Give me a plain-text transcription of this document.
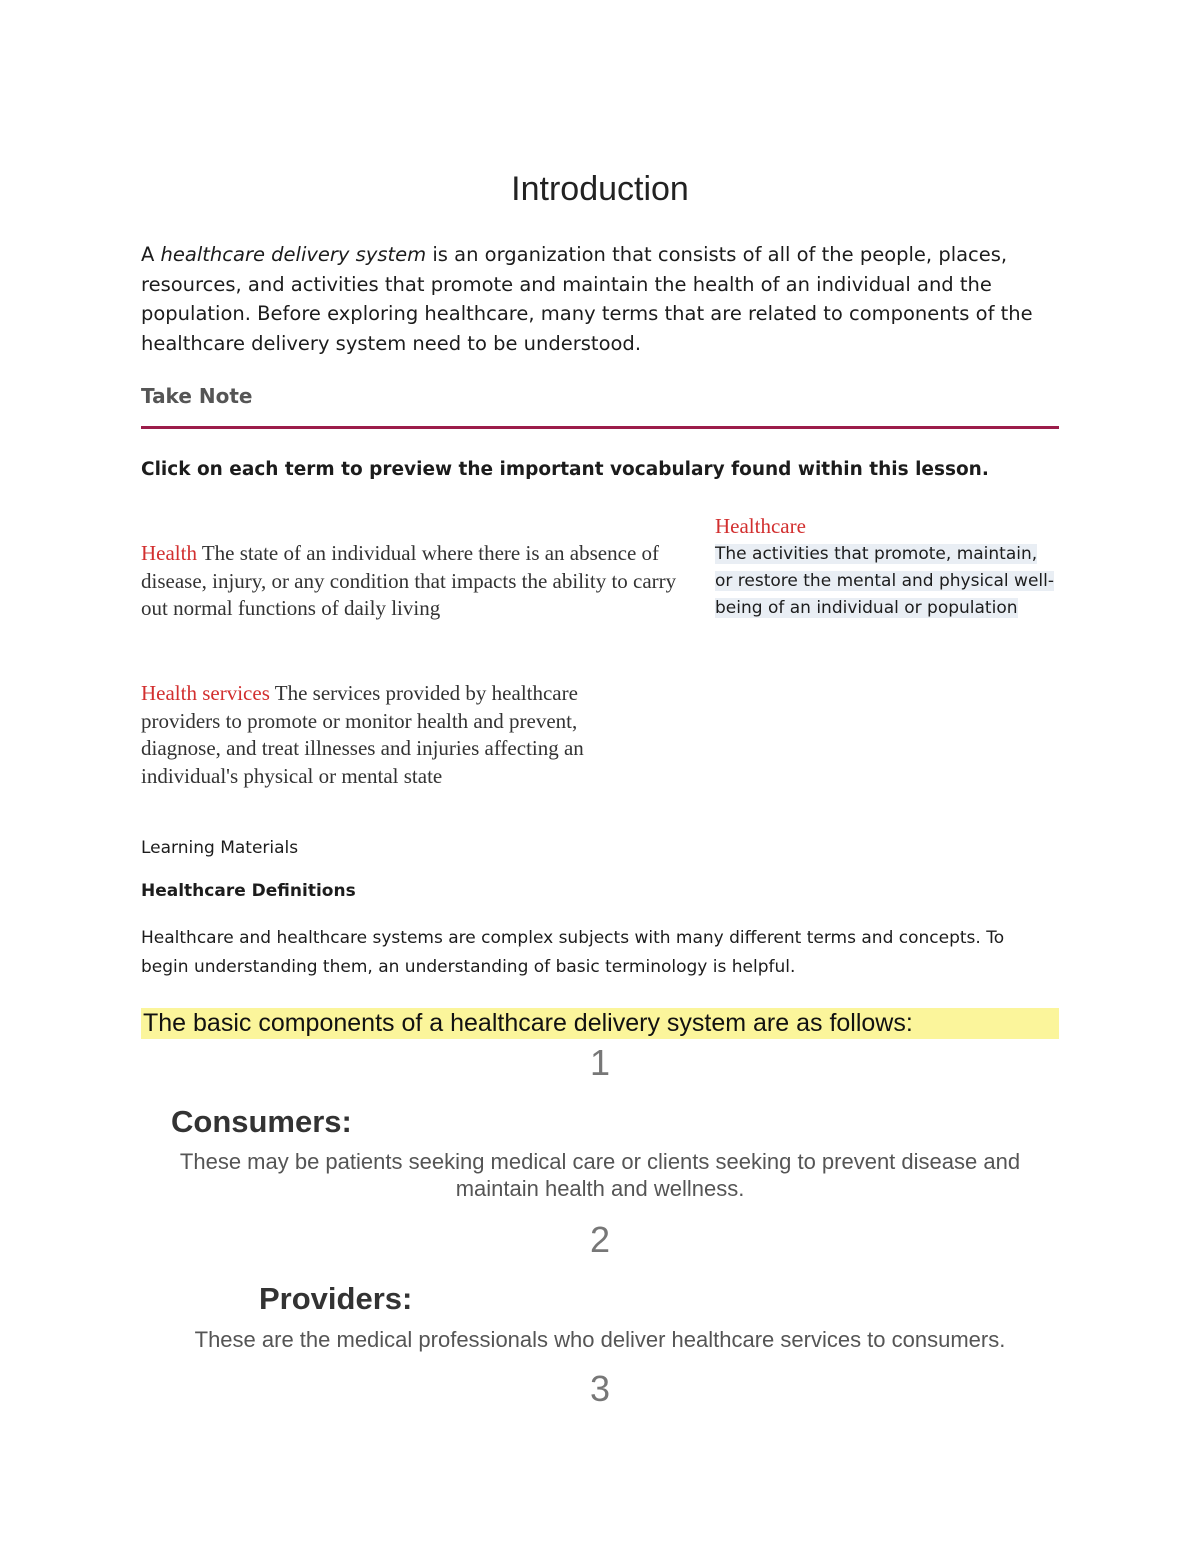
Introduction
A healthcare delivery system is an organization that consists of all of the people, places, resources, and activities that promote and maintain the health of an individual and the population. Before exploring healthcare, many terms that are related to components of the healthcare delivery system need to be understood.
Take Note
Click on each term to preview the important vocabulary found within this lesson.
Health The state of an individual where there is an absence of disease, injury, or any condition that impacts the ability to carry out normal functions of daily living
Healthcare
The activities that promote, maintain, or restore the mental and physical well-being of an individual or population
Health services The services provided by healthcare providers to promote or monitor health and prevent, diagnose, and treat illnesses and injuries affecting an individual's physical or mental state
Learning Materials
Healthcare Definitions
Healthcare and healthcare systems are complex subjects with many different terms and concepts. To begin understanding them, an understanding of basic terminology is helpful.
The basic components of a healthcare delivery system are as follows:
1
Consumers:
These may be patients seeking medical care or clients seeking to prevent disease and maintain health and wellness.
2
Providers:
These are the medical professionals who deliver healthcare services to consumers.
3
